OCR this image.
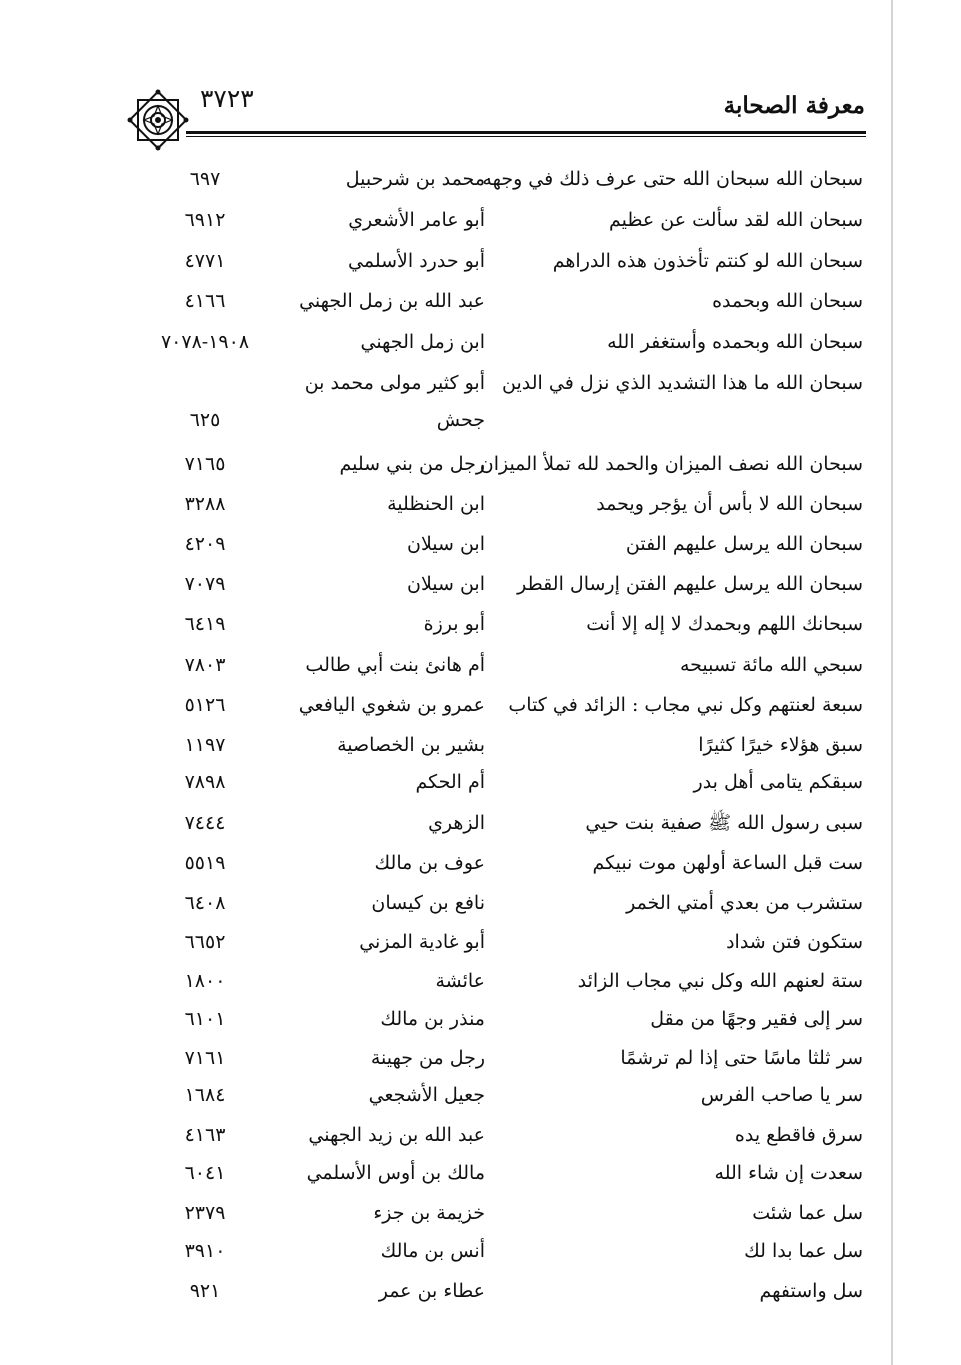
معرفة الصحابة
٣٧٢٣
سبحان الله سبحان الله حتى عرف ذلك في وجهه
محمد بن شرحبيل
٦٩٧
سبحان الله لقد سألت عن عظيم
أبو عامر الأشعري
٦٩١٢
سبحان الله لو كنتم تأخذون هذه الدراهم
أبو حدرد الأسلمي
٤٧٧١
سبحان الله وبحمده
عبد الله بن زمل الجهني
٤١٦٦
سبحان الله وبحمده وأستغفر الله
ابن زمل الجهني
١٩٠٨-٧٠٧٨
سبحان الله ما هذا التشديد الذي نزل في الدين
أبو كثير مولى محمد بن
جحش
٦٢٥
سبحان الله نصف الميزان والحمد لله تملأ الميزان
رجل من بني سليم
٧١٦٥
سبحان الله لا بأس أن يؤجر ويحمد
ابن الحنظلية
٣٢٨٨
سبحان الله يرسل عليهم الفتن
ابن سيلان
٤٢٠٩
سبحان الله يرسل عليهم الفتن إرسال القطر
ابن سيلان
٧٠٧٩
سبحانك اللهم وبحمدك لا إله إلا أنت
أبو برزة
٦٤١٩
سبحي الله مائة تسبيحه
أم هانئ بنت أبي طالب
٧٨٠٣
سبعة لعنتهم وكل نبي مجاب : الزائد في كتاب
عمرو بن شغوي اليافعي
٥١٢٦
سبق هؤلاء خيرًا كثيرًا
بشير بن الخصاصية
١١٩٧
سبقكم يتامى أهل بدر
أم الحكم
٧٨٩٨
سبى رسول الله ﷺ صفية بنت حيي
الزهري
٧٤٤٤
ست قبل الساعة أولهن موت نبيكم
عوف بن مالك
٥٥١٩
ستشرب من بعدي أمتي الخمر
نافع بن كيسان
٦٤٠٨
ستكون فتن شداد
أبو غادية المزني
٦٦٥٢
ستة لعنهم الله وكل نبي مجاب الزائد
عائشة
١٨٠٠
سر إلى فقير وجهًا من مقل
منذر بن مالك
٦١٠١
سر ثلثا ماسًا حتى إذا لم ترشمًا
رجل من جهينة
٧١٦١
سر يا صاحب الفرس
جعيل الأشجعي
١٦٨٤
سرق فاقطع يده
عبد الله بن زيد الجهني
٤١٦٣
سعدت إن شاء الله
مالك بن أوس الأسلمي
٦٠٤١
سل عما شئت
خزيمة بن جزء
٢٣٧٩
سل عما بدا لك
أنس بن مالك
٣٩١٠
سل واستفهم
عطاء بن عمر
٩٢١
